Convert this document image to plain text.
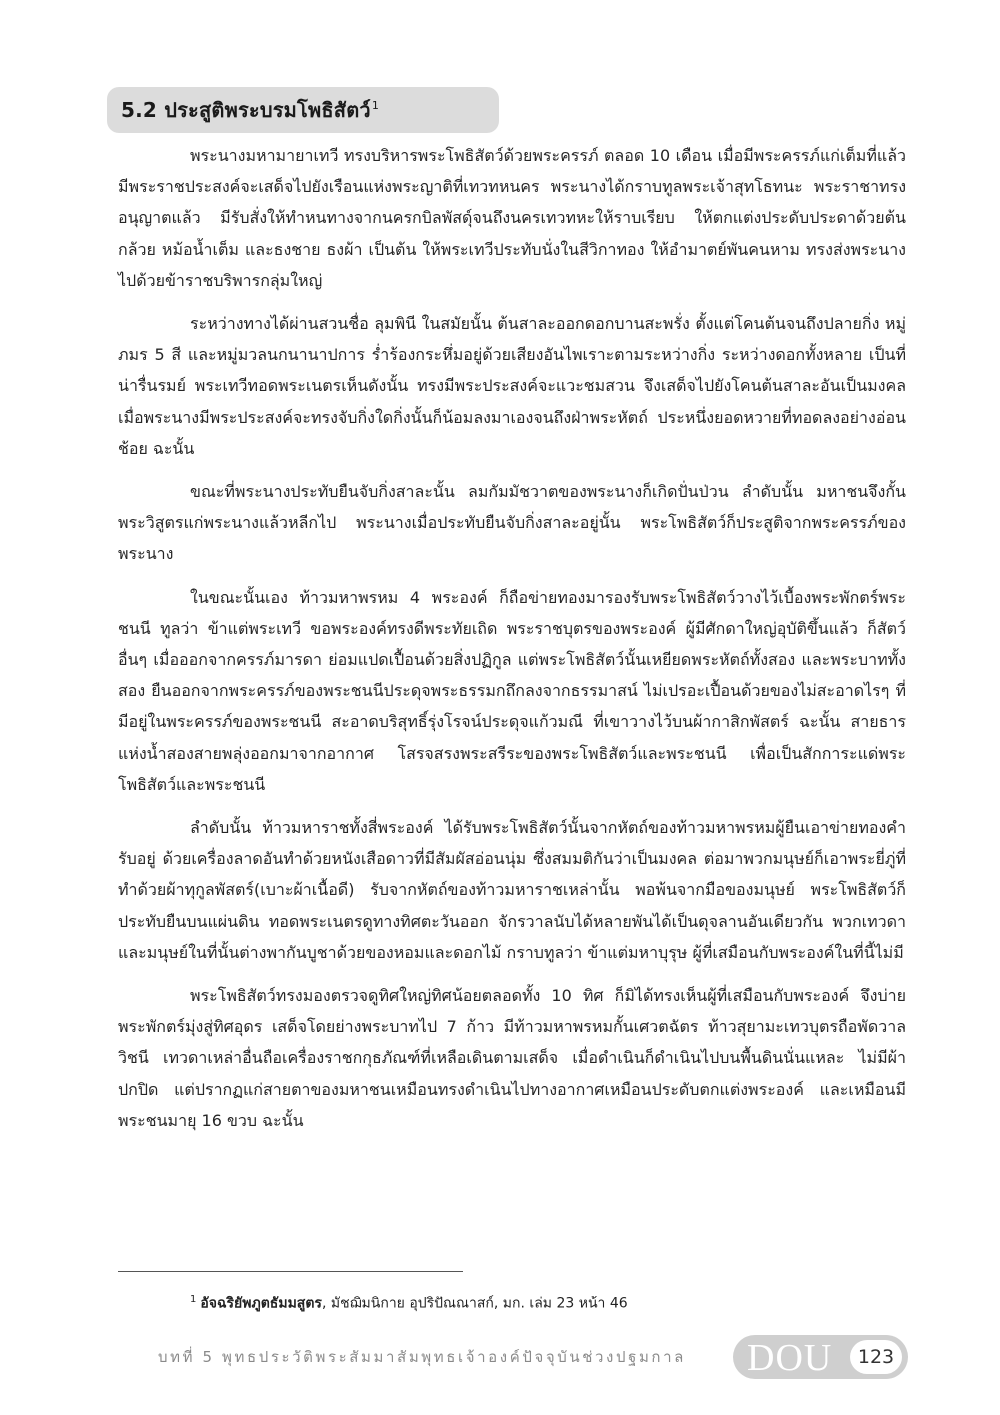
5.2 ประสูติพระบรมโพธิสัตว์$^1$

พระนางมหามายาเทวี ทรงบริหารพระโพธิสัตว์ด้วยพระครรภ์ ตลอด 10 เดือน เมื่อมีพระครรภ์แก่เต็มที่แล้ว มีพระราชประสงค์จะเสด็จไปยังเรือนแห่งพระญาติที่เทวทหนคร พระนางได้กราบทูลพระเจ้าสุทโธทนะ พระราชาทรงอนุญาตแล้ว มีรับสั่งให้ทำหนทางจากนครกบิลพัสดุ์จนถึงนครเทวทหะให้ราบเรียบ ให้ตกแต่งประดับประดาด้วยต้นกล้วย หม้อน้ำเต็ม และธงชาย ธงผ้า เป็นต้น ให้พระเทวีประทับนั่งในสีวิกาทอง ให้อำมาตย์พันคนหาม ทรงส่งพระนางไปด้วยข้าราชบริพารกลุ่มใหญ่

ระหว่างทางได้ผ่านสวนชื่อ ลุมพินี ในสมัยนั้น ต้นสาละออกดอกบานสะพรั่ง ตั้งแต่โคนต้นจนถึงปลายกิ่ง หมู่ภมร 5 สี และหมู่มวลนกนานาปการ ร่ำร้องกระหึ่มอยู่ด้วยเสียงอันไพเราะตามระหว่างกิ่ง ระหว่างดอกทั้งหลาย เป็นที่น่ารื่นรมย์ พระเทวีทอดพระเนตรเห็นดังนั้น ทรงมีพระประสงค์จะแวะชมสวน จึงเสด็จไปยังโคนต้นสาละอันเป็นมงคล เมื่อพระนางมีพระประสงค์จะทรงจับกิ่งใดกิ่งนั้นก็น้อมลงมาเองจนถึงฝ่าพระหัตถ์ ประหนึ่งยอดหวายที่ทอดลงอย่างอ่อนช้อย ฉะนั้น

ขณะที่พระนางประทับยืนจับกิ่งสาละนั้น ลมกัมมัชวาตของพระนางก็เกิดปั่นป่วน ลำดับนั้น มหาชนจึงกั้นพระวิสูตรแก่พระนางแล้วหลีกไป พระนางเมื่อประทับยืนจับกิ่งสาละอยู่นั้น พระโพธิสัตว์ก็ประสูติจากพระครรภ์ของพระนาง

ในขณะนั้นเอง ท้าวมหาพรหม 4 พระองค์ ก็ถือข่ายทองมารองรับพระโพธิสัตว์วางไว้เบื้องพระพักตร์พระชนนี ทูลว่า ข้าแต่พระเทวี ขอพระองค์ทรงดีพระทัยเถิด พระราชบุตรของพระองค์ ผู้มีศักดาใหญ่อุบัติขึ้นแล้ว ก็สัตว์อื่นๆ เมื่อออกจากครรภ์มารดา ย่อมแปดเปื้อนด้วยสิ่งปฏิกูล แต่พระโพธิสัตว์นั้นเหยียดพระหัตถ์ทั้งสอง และพระบาททั้งสอง ยืนออกจากพระครรภ์ของพระชนนีประดุจพระธรรมกถึกลงจากธรรมาสน์ ไม่เปรอะเปื้อนด้วยของไม่สะอาดไรๆ ที่มีอยู่ในพระครรภ์ของพระชนนี สะอาดบริสุทธิ์รุ่งโรจน์ประดุจแก้วมณี ที่เขาวางไว้บนผ้ากาสิกพัสตร์ ฉะนั้น สายธารแห่งน้ำสองสายพลุ่งออกมาจากอากาศ โสรจสรงพระสรีระของพระโพธิสัตว์และพระชนนี เพื่อเป็นสักการะแด่พระโพธิสัตว์และพระชนนี

ลำดับนั้น ท้าวมหาราชทั้งสี่พระองค์ ได้รับพระโพธิสัตว์นั้นจากหัตถ์ของท้าวมหาพรหมผู้ยืนเอาข่ายทองคำรับอยู่ ด้วยเครื่องลาดอันทำด้วยหนังเสือดาวที่มีสัมผัสอ่อนนุ่ม ซึ่งสมมติกันว่าเป็นมงคล ต่อมาพวกมนุษย์ก็เอาพระยี่ภู่ที่ทำด้วยผ้าทุกูลพัสตร์(เบาะผ้าเนื้อดี) รับจากหัตถ์ของท้าวมหาราชเหล่านั้น พอพ้นจากมือของมนุษย์ พระโพธิสัตว์ก็ประทับยืนบนแผ่นดิน ทอดพระเนตรดูทางทิศตะวันออก จักรวาลนับได้หลายพันได้เป็นดุจลานอันเดียวกัน พวกเทวดาและมนุษย์ในที่นั้นต่างพากันบูชาด้วยของหอมและดอกไม้ กราบทูลว่า ข้าแต่มหาบุรุษ ผู้ที่เสมือนกับพระองค์ในที่นี้ไม่มี

พระโพธิสัตว์ทรงมองตรวจดูทิศใหญ่ทิศน้อยตลอดทั้ง 10 ทิศ ก็มิได้ทรงเห็นผู้ที่เสมือนกับพระองค์ จึงบ่ายพระพักตร์มุ่งสู่ทิศอุดร เสด็จโดยย่างพระบาทไป 7 ก้าว มีท้าวมหาพรหมกั้นเศวตฉัตร ท้าวสุยามะเทวบุตรถือพัดวาลวิชนี เทวดาเหล่าอื่นถือเครื่องราชกกุธภัณฑ์ที่เหลือเดินตามเสด็จ เมื่อดำเนินก็ดำเนินไปบนพื้นดินนั่นแหละ ไม่มีผ้าปกปิด แต่ปรากฏแก่สายตาของมหาชนเหมือนทรงดำเนินไปทางอากาศเหมือนประดับตกแต่งพระองค์ และเหมือนมีพระชนมายุ 16 ขวบ ฉะนั้น

$^1$ อัจฉริยัพภูตธัมมสูตร, มัชฌิมนิกาย อุปริปัณณาสก์, มก. เล่ม 23 หน้า 46
บทที่ 5 พุทธประวัติพระสัมมาสัมพุทธเจ้าองค์ปัจจุบันช่วงปฐมกาล	DOU	123
